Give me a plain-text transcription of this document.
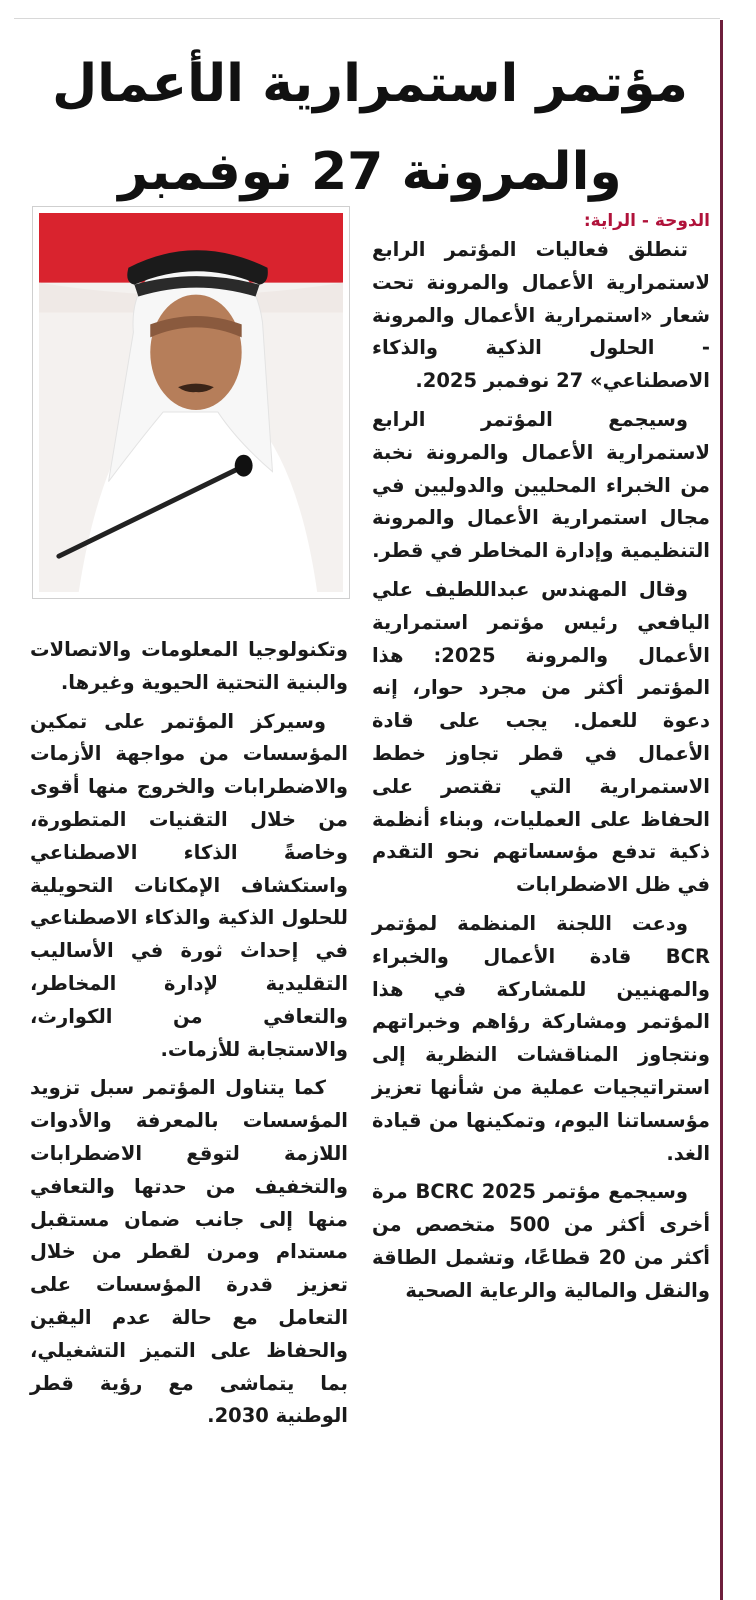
مؤتمر استمرارية الأعمال
والمرونة 27 نوفمبر
الدوحة - الراية:

تنطلق فعاليات المؤتمر الرابع لاستمرارية الأعمال والمرونة تحت شعار «استمرارية الأعمال والمرونة - الحلول الذكية والذكاء الاصطناعي» 27 نوفمبر 2025.

وسيجمع المؤتمر الرابع لاستمرارية الأعمال والمرونة نخبة من الخبراء المحليين والدوليين في مجال استمرارية الأعمال والمرونة التنظيمية وإدارة المخاطر في قطر.

وقال المهندس عبداللطيف علي اليافعي رئيس مؤتمر استمرارية الأعمال والمرونة 2025: هذا المؤتمر أكثر من مجرد حوار، إنه دعوة للعمل. يجب على قادة الأعمال في قطر تجاوز خطط الاستمرارية التي تقتصر على الحفاظ على العمليات، وبناء أنظمة ذكية تدفع مؤسساتهم نحو التقدم في ظل الاضطرابات

ودعت اللجنة المنظمة لمؤتمر BCR قادة الأعمال والخبراء والمهنيين للمشاركة في هذا المؤتمر ومشاركة رؤاهم وخبراتهم ونتجاوز المناقشات النظرية إلى استراتيجيات عملية من شأنها تعزيز مؤسساتنا اليوم، وتمكينها من قيادة الغد.

وسيجمع مؤتمر BCRC 2025 مرة أخرى أكثر من 500 متخصص من أكثر من 20 قطاعًا، وتشمل الطاقة والنقل والمالية والرعاية الصحية

وتكنولوجيا المعلومات والاتصالات والبنية التحتية الحيوية وغيرها.

وسيركز المؤتمر على تمكين المؤسسات من مواجهة الأزمات والاضطرابات والخروج منها أقوى من خلال التقنيات المتطورة، وخاصةً الذكاء الاصطناعي واستكشاف الإمكانات التحويلية للحلول الذكية والذكاء الاصطناعي في إحداث ثورة في الأساليب التقليدية لإدارة المخاطر، والتعافي من الكوارث، والاستجابة للأزمات.

كما يتناول المؤتمر سبل تزويد المؤسسات بالمعرفة والأدوات اللازمة لتوقع الاضطرابات والتخفيف من حدتها والتعافي منها إلى جانب ضمان مستقبل مستدام ومرن لقطر من خلال تعزيز قدرة المؤسسات على التعامل مع حالة عدم اليقين والحفاظ على التميز التشغيلي، بما يتماشى مع رؤية قطر الوطنية 2030.
